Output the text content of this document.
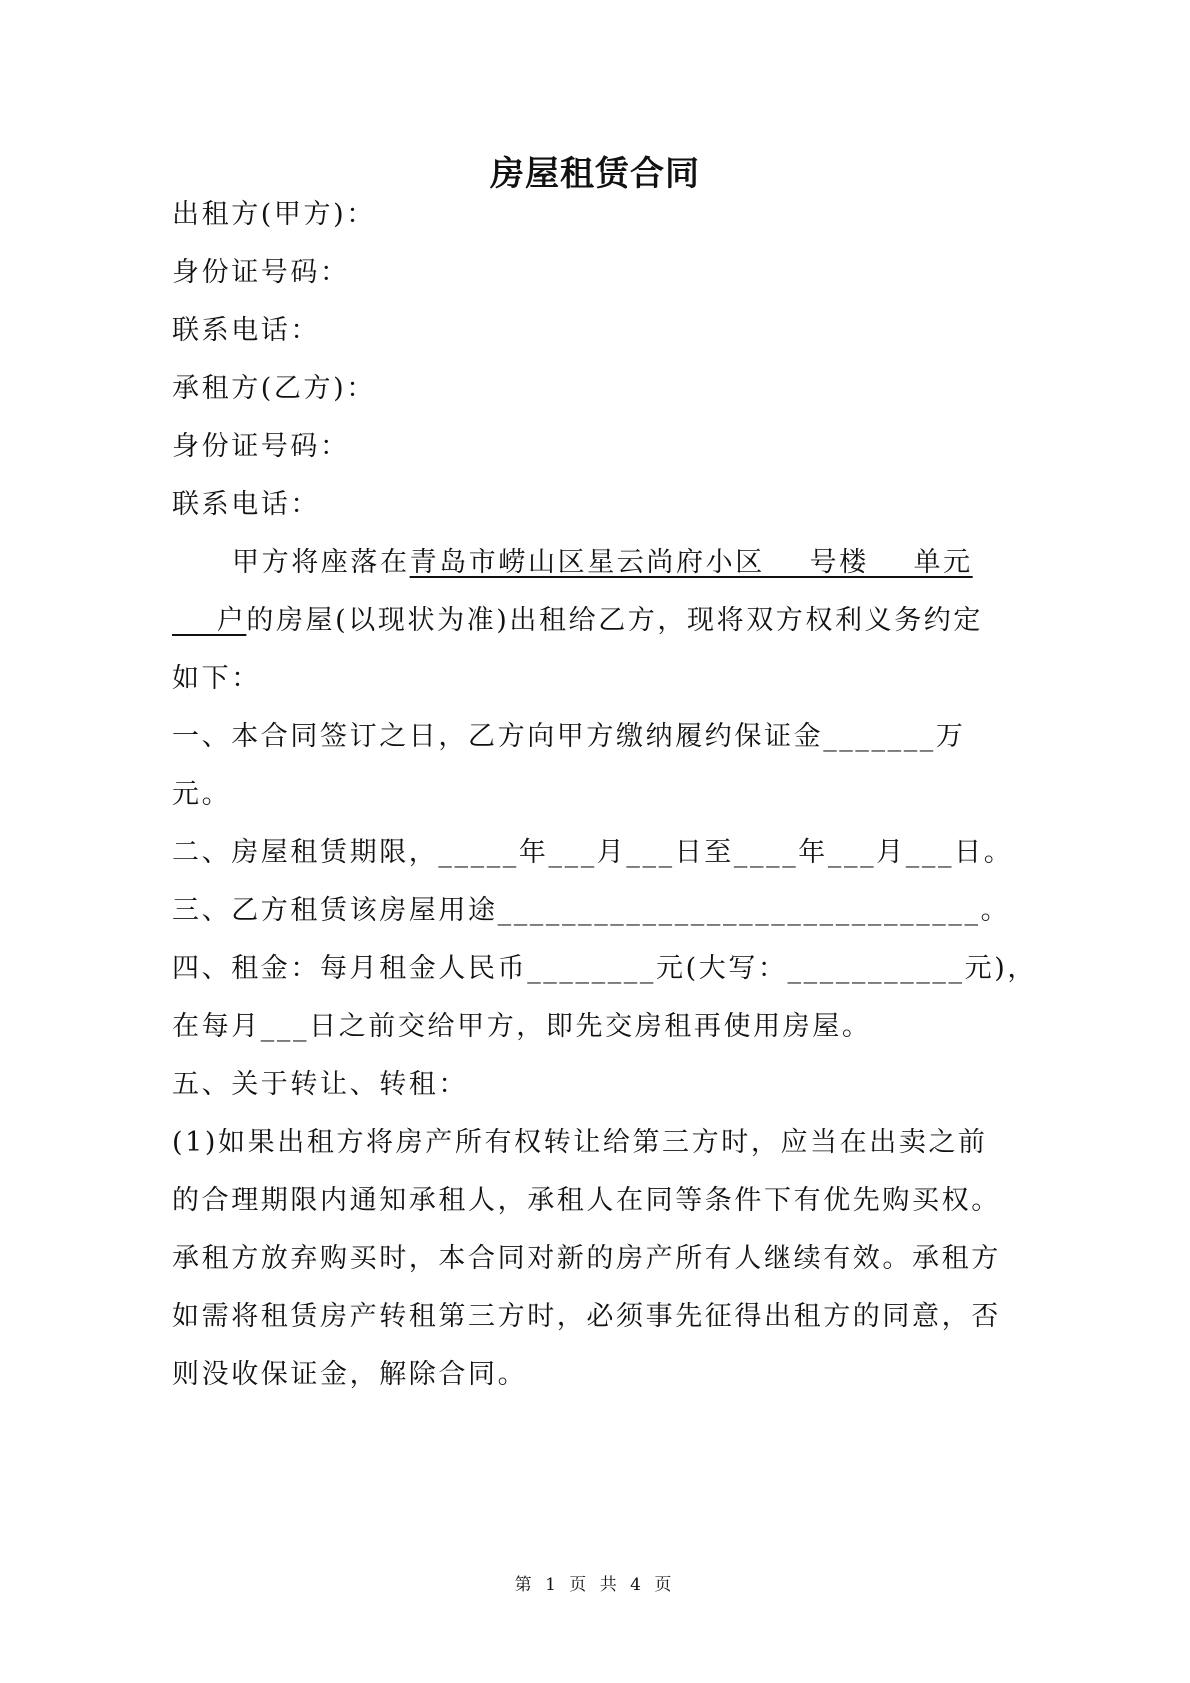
房屋租赁合同
出租方(甲方)：
身份证号码：
联系电话：
承租方(乙方)：
身份证号码：
联系电话：
甲方将座落在青岛市崂山区星云尚府小区    号楼    单元
户的房屋(以现状为准)出租给乙方，现将双方权利义务约定
如下：
一、本合同签订之日，乙方向甲方缴纳履约保证金_______万
元。
二、房屋租赁期限，_____年___月___日至____年___月___日。
三、乙方租赁该房屋用途______________________________。
四、租金：每月租金人民币________元(大写：___________元)，
在每月___日之前交给甲方，即先交房租再使用房屋。
五、关于转让、转租：
(1)如果出租方将房产所有权转让给第三方时，应当在出卖之前
的合理期限内通知承租人，承租人在同等条件下有优先购买权。
承租方放弃购买时，本合同对新的房产所有人继续有效。承租方
如需将租赁房产转租第三方时，必须事先征得出租方的同意，否
则没收保证金，解除合同。
第 1 页 共 4 页
